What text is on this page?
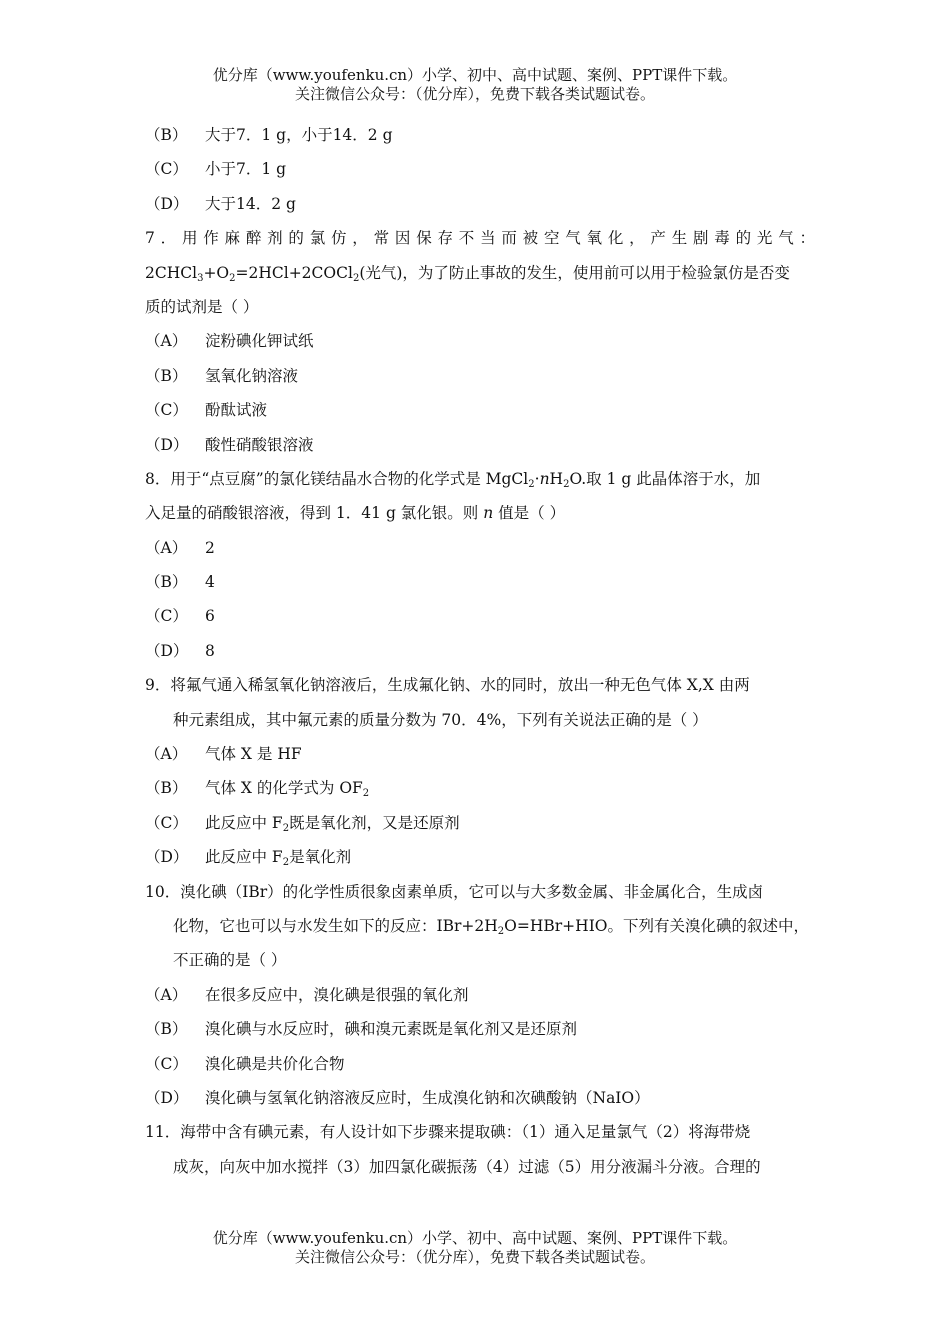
优分库（www.youfenku.cn）小学、初中、高中试题、案例、PPT课件下载。
关注微信公众号：（优分库），免费下载各类试题试卷。
（B） 大于7．1 g，小于14．2 g
（C） 小于7．1 g
（D） 大于14．2 g
7．用作麻醉剂的氯仿，常因保存不当而被空气氧化，产生剧毒的光气：
$2CHCl_3+O_2=2HCl+2COCl_2$(光气)，为了防止事故的发生，使用前可以用于检验氯仿是否变
质的试剂是（ ）
（A） 淀粉碘化钾试纸
（B） 氢氧化钠溶液
（C） 酚酞试液
（D） 酸性硝酸银溶液
8．用于“点豆腐”的氯化镁结晶水合物的化学式是 $MgCl_2\cdot nH_2O$.取 1 g 此晶体溶于水，加
入足量的硝酸银溶液，得到 1．41 g 氯化银。则 n 值是（ ）
（A） 2
（B） 4
（C） 6
（D） 8
9．将氟气通入稀氢氧化钠溶液后，生成氟化钠、水的同时，放出一种无色气体 X,X 由两
种元素组成，其中氟元素的质量分数为 70．4%，下列有关说法正确的是（ ）
（A） 气体 X 是 HF
（B） 气体 X 的化学式为 $OF_2$
（C） 此反应中 $F_2$既是氧化剂，又是还原剂
（D） 此反应中 $F_2$是氧化剂
10．溴化碘（IBr）的化学性质很象卤素单质，它可以与大多数金属、非金属化合，生成卤
化物，它也可以与水发生如下的反应：$IBr+2H_2O=HBr+HIO$。下列有关溴化碘的叙述中，
不正确的是（ ）
（A） 在很多反应中，溴化碘是很强的氧化剂
（B） 溴化碘与水反应时，碘和溴元素既是氧化剂又是还原剂
（C） 溴化碘是共价化合物
（D） 溴化碘与氢氧化钠溶液反应时，生成溴化钠和次碘酸钠（NaIO）
11．海带中含有碘元素，有人设计如下步骤来提取碘：（1）通入足量氯气（2）将海带烧
成灰，向灰中加水搅拌（3）加四氯化碳振荡（4）过滤（5）用分液漏斗分液。合理的
优分库（www.youfenku.cn）小学、初中、高中试题、案例、PPT课件下载。
关注微信公众号：（优分库），免费下载各类试题试卷。
